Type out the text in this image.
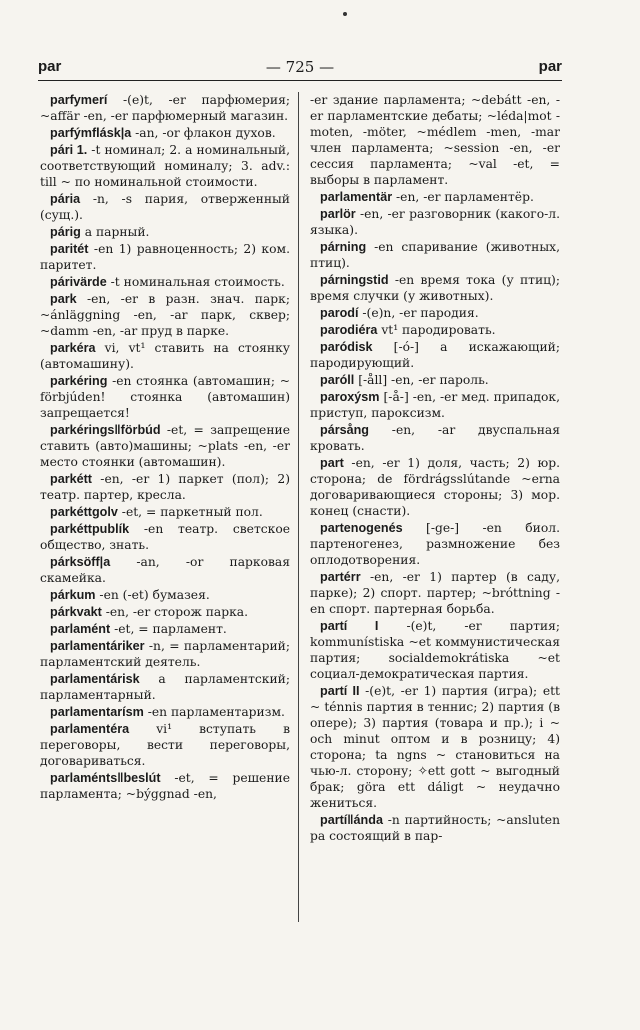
par	— 725 —	par

parfymerí -(e)t, -er парфюмерия; ~affär -en, -er парфюмерный магазин.

parfýmflásk|a -an, -or флакон духов.

pári 1. -t номинал; 2. a номинальный, соответствующий номиналу; 3. adv.: till ~ по номинальной стоимости.

pária -n, -s пария, отверженный (сущ.).

párig a парный.

paritét -en 1) равноценность; 2) ком. паритет.

párivärde -t номинальная стоимость.

park -en, -er в разн. знач. парк; ~ánläggning -en, -ar парк, сквер; ~damm -en, -ar пруд в парке.

parkéra vi, vt¹ ставить на стоянку (автомашину).

parkéring -en стоянка (автомашин; ~ förbjúden! стоянка (автомашин) запрещается!

parkéringsǁförbúd -et, = запрещение ставить (авто)машины; ~plats -en, -er место стоянки (автомашин).

parkétt -en, -er 1) паркет (пол); 2) театр. партер, кресла.

parkéttgolv -et, = паркетный пол.

parkéttpublík -en театр. светское общество, знать.

párksöff|a -an, -or парковая скамейка.

párkum -en (-et) бумазея.

párkvakt -en, -er сторож парка.

parlamént -et, = парламент.

parlamentáriker -n, = парламентарий; парламентский деятель.

parlamentárisk a парламентский; парламентарный.

parlamentarísm -en парламентаризм.

parlamentéra vi¹ вступать в переговоры, вести переговоры, договариваться.

parlaméntsǁbeslút -et, = решение парламента; ~býggnad -en,

-er здание парламента; ~debátt -en, -er парламентские дебаты; ~léda|mot -moten, -möter, ~médlem -men, -mar член парламента; ~session -en, -er сессия парламента; ~val -et, = выборы в парламент.

parlamentär -en, -er парламентёр.

parlör -en, -er разговорник (какого-л. языка).

párning -en спаривание (животных, птиц).

párningstid -en время тока (у птиц); время случки (у животных).

parodí -(e)n, -er пародия.

parodiéra vt¹ пародировать.

paródisk [-ó-] a искажающий; пародирующий.

paróll [-åll] -en, -er пароль.

paroxýsm [-å-] -en, -er мед. припадок, приступ, пароксизм.

pársång -en, -ar двуспальная кровать.

part -en, -er 1) доля, часть; 2) юр. сторона; de fördrágsslútande ~erna договаривающиеся стороны; 3) мор. конец (снасти).

partenogenés [-ge-] -en биол. партеногенез, размножение без оплодотворения.

partérr -en, -er 1) партер (в саду, парке); 2) спорт. партер; ~bróttning -en спорт. партерная борьба.

partí I -(e)t, -er партия; kommunístiska ~et коммунистическая партия; socialdemokrátiska ~et социал-демократическая партия.

partí II -(e)t, -er 1) партия (игра); ett ~ ténnis партия в теннис; 2) партия (в опере); 3) партия (товара и пр.); i ~ och minut оптом и в розницу; 4) сторона; ta ngns ~ становиться на чью-л. сторону; ✧ett gott ~ выгодный брак; göra ett dáligt ~ неудачно жениться.

partíǁánda -n партийность; ~ansluten pa состоящий в пар-
